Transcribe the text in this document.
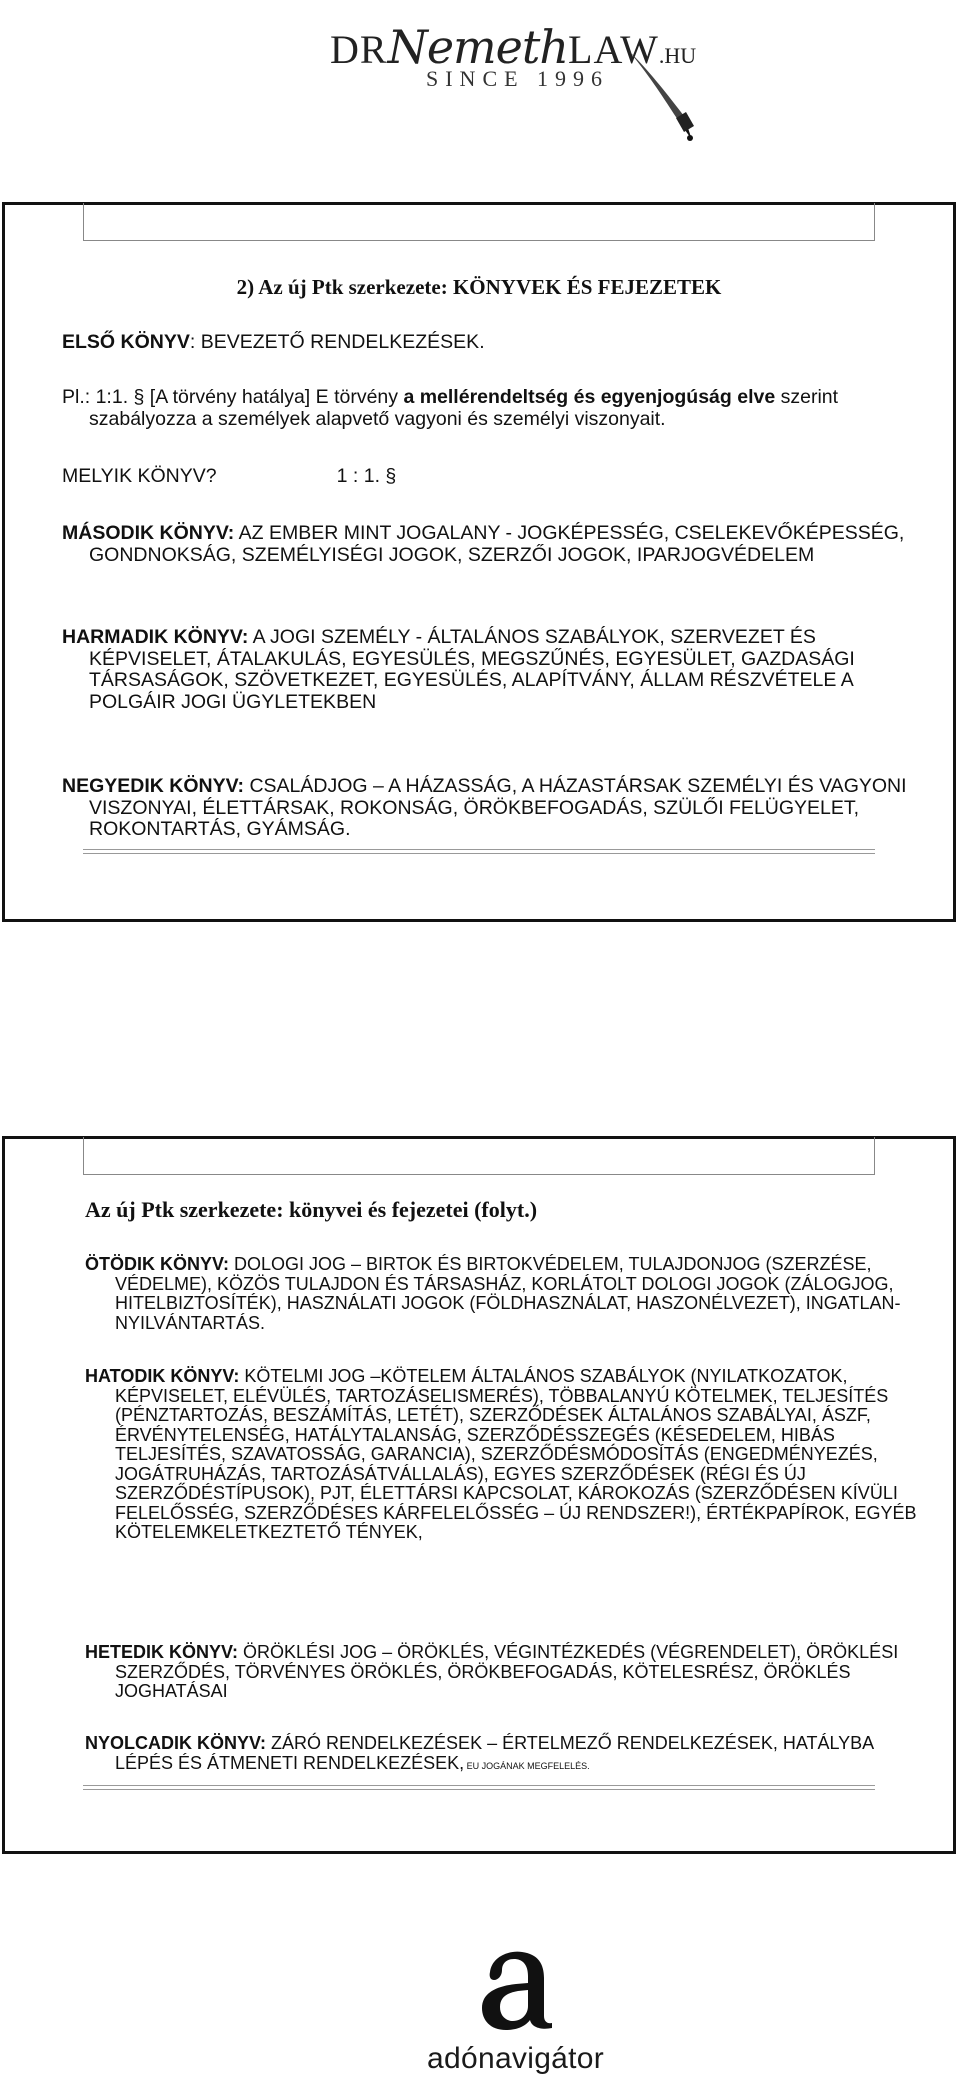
DRNemethLAW.HU
SINCE 1996
2) Az új Ptk szerkezete: KÖNYVEK ÉS FEJEZETEK
ELSŐ KÖNYV: BEVEZETŐ RENDELKEZÉSEK.
Pl.: 1:1. § [A törvény hatálya] E törvény a mellérendeltség és egyenjogúság elve szerint szabályozza a személyek alapvető vagyoni és személyi viszonyait.
MELYIK KÖNYV?	1 : 1. §
MÁSODIK KÖNYV: AZ EMBER MINT JOGALANY - JOGKÉPESSÉG, CSELEKEVŐKÉPESSÉG, GONDNOKSÁG, SZEMÉLYISÉGI JOGOK, SZERZŐI JOGOK, IPARJOGVÉDELEM
HARMADIK KÖNYV: A JOGI SZEMÉLY - ÁLTALÁNOS SZABÁLYOK, SZERVEZET ÉS KÉPVISELET, ÁTALAKULÁS, EGYESÜLÉS, MEGSZŰNÉS, EGYESÜLET, GAZDASÁGI TÁRSASÁGOK, SZÖVETKEZET, EGYESÜLÉS, ALAPÍTVÁNY, ÁLLAM RÉSZVÉTELE A POLGÁIR JOGI ÜGYLETEKBEN
NEGYEDIK KÖNYV: CSALÁDJOG – A HÁZASSÁG, A HÁZASTÁRSAK SZEMÉLYI ÉS VAGYONI VISZONYAI, ÉLETTÁRSAK, ROKONSÁG, ÖRÖKBEFOGADÁS, SZÜLŐI FELÜGYELET, ROKONTARTÁS, GYÁMSÁG.
Az új Ptk szerkezete: könyvei és fejezetei (folyt.)
ÖTÖDIK KÖNYV: DOLOGI JOG – BIRTOK ÉS BIRTOKVÉDELEM, TULAJDONJOG (SZERZÉSE, VÉDELME), KÖZÖS TULAJDON ÉS TÁRSASHÁZ, KORLÁTOLT DOLOGI JOGOK (ZÁLOGJOG, HITELBIZTOSÍTÉK), HASZNÁLATI JOGOK (FÖLDHASZNÁLAT, HASZONÉLVEZET), INGATLAN-NYILVÁNTARTÁS.
HATODIK KÖNYV: KÖTELMI JOG –KÖTELEM ÁLTALÁNOS SZABÁLYOK (NYILATKOZATOK, KÉPVISELET, ELÉVÜLÉS, TARTOZÁSELISMERÉS), TÖBBALANYÚ KÖTELMEK, TELJESÍTÉS (PÉNZTARTOZÁS, BESZÁMÍTÁS, LETÉT), SZERZŐDÉSEK ÁLTALÁNOS SZABÁLYAI, ÁSZF, ÉRVÉNYTELENSÉG, HATÁLYTALANSÁG, SZERZŐDÉSSZEGÉS (KÉSEDELEM, HIBÁS TELJESÍTÉS, SZAVATOSSÁG, GARANCIA), SZERZŐDÉSMÓDOSÍTÁS (ENGEDMÉNYEZÉS, JOGÁTRUHÁZÁS, TARTOZÁSÁTVÁLLALÁS), EGYES SZERZŐDÉSEK (RÉGI ÉS ÚJ SZERZŐDÉSTÍPUSOK), PJT, ÉLETTÁRSI KAPCSOLAT, KÁROKOZÁS (SZERZŐDÉSEN KÍVÜLI FELELŐSSÉG, SZERZŐDÉSES KÁRFELELŐSSÉG – ÚJ RENDSZER!), ÉRTÉKPAPÍROK, EGYÉB KÖTELEMKELETKEZTETŐ TÉNYEK,
HETEDIK KÖNYV: ÖRÖKLÉSI JOG – ÖRÖKLÉS, VÉGINTÉZKEDÉS (VÉGRENDELET), ÖRÖKLÉSI SZERZŐDÉS, TÖRVÉNYES ÖRÖKLÉS, ÖRÖKBEFOGADÁS, KÖTELESRÉSZ, ÖRÖKLÉS JOGHATÁSAI
NYOLCADIK KÖNYV: ZÁRÓ RENDELKEZÉSEK – ÉRTELMEZŐ RENDELKEZÉSEK, HATÁLYBA LÉPÉS ÉS ÁTMENETI RENDELKEZÉSEK, EU JOGÁNAK MEGFELELÉS.
adónavigátor
